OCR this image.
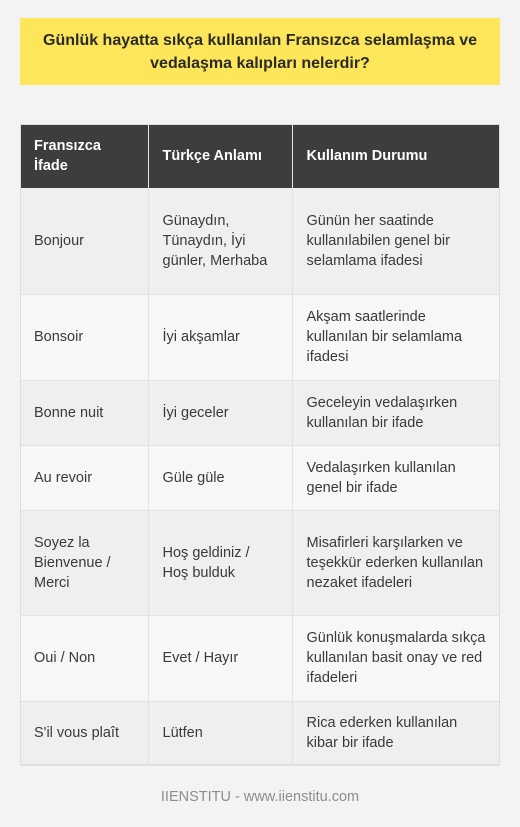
Günlük hayatta sıkça kullanılan Fransızca selamlaşma ve vedalaşma kalıpları nelerdir?

Fransızca İfade	Türkçe Anlamı	Kullanım Durumu
Bonjour	Günaydın, Tünaydın, İyi günler, Merhaba	Günün her saatinde kullanılabilen genel bir selamlama ifadesi
Bonsoir	İyi akşamlar	Akşam saatlerinde kullanılan bir selamlama ifadesi
Bonne nuit	İyi geceler	Geceleyin vedalaşırken kullanılan bir ifade
Au revoir	Güle güle	Vedalaşırken kullanılan genel bir ifade
Soyez la Bienvenue / Merci	Hoş geldiniz / Hoş bulduk	Misafirleri karşılarken ve teşekkür ederken kullanılan nezaket ifadeleri
Oui / Non	Evet / Hayır	Günlük konuşmalarda sıkça kullanılan basit onay ve red ifadeleri
S'il vous plaît	Lütfen	Rica ederken kullanılan kibar bir ifade
IIENSTITU - www.iienstitu.com
